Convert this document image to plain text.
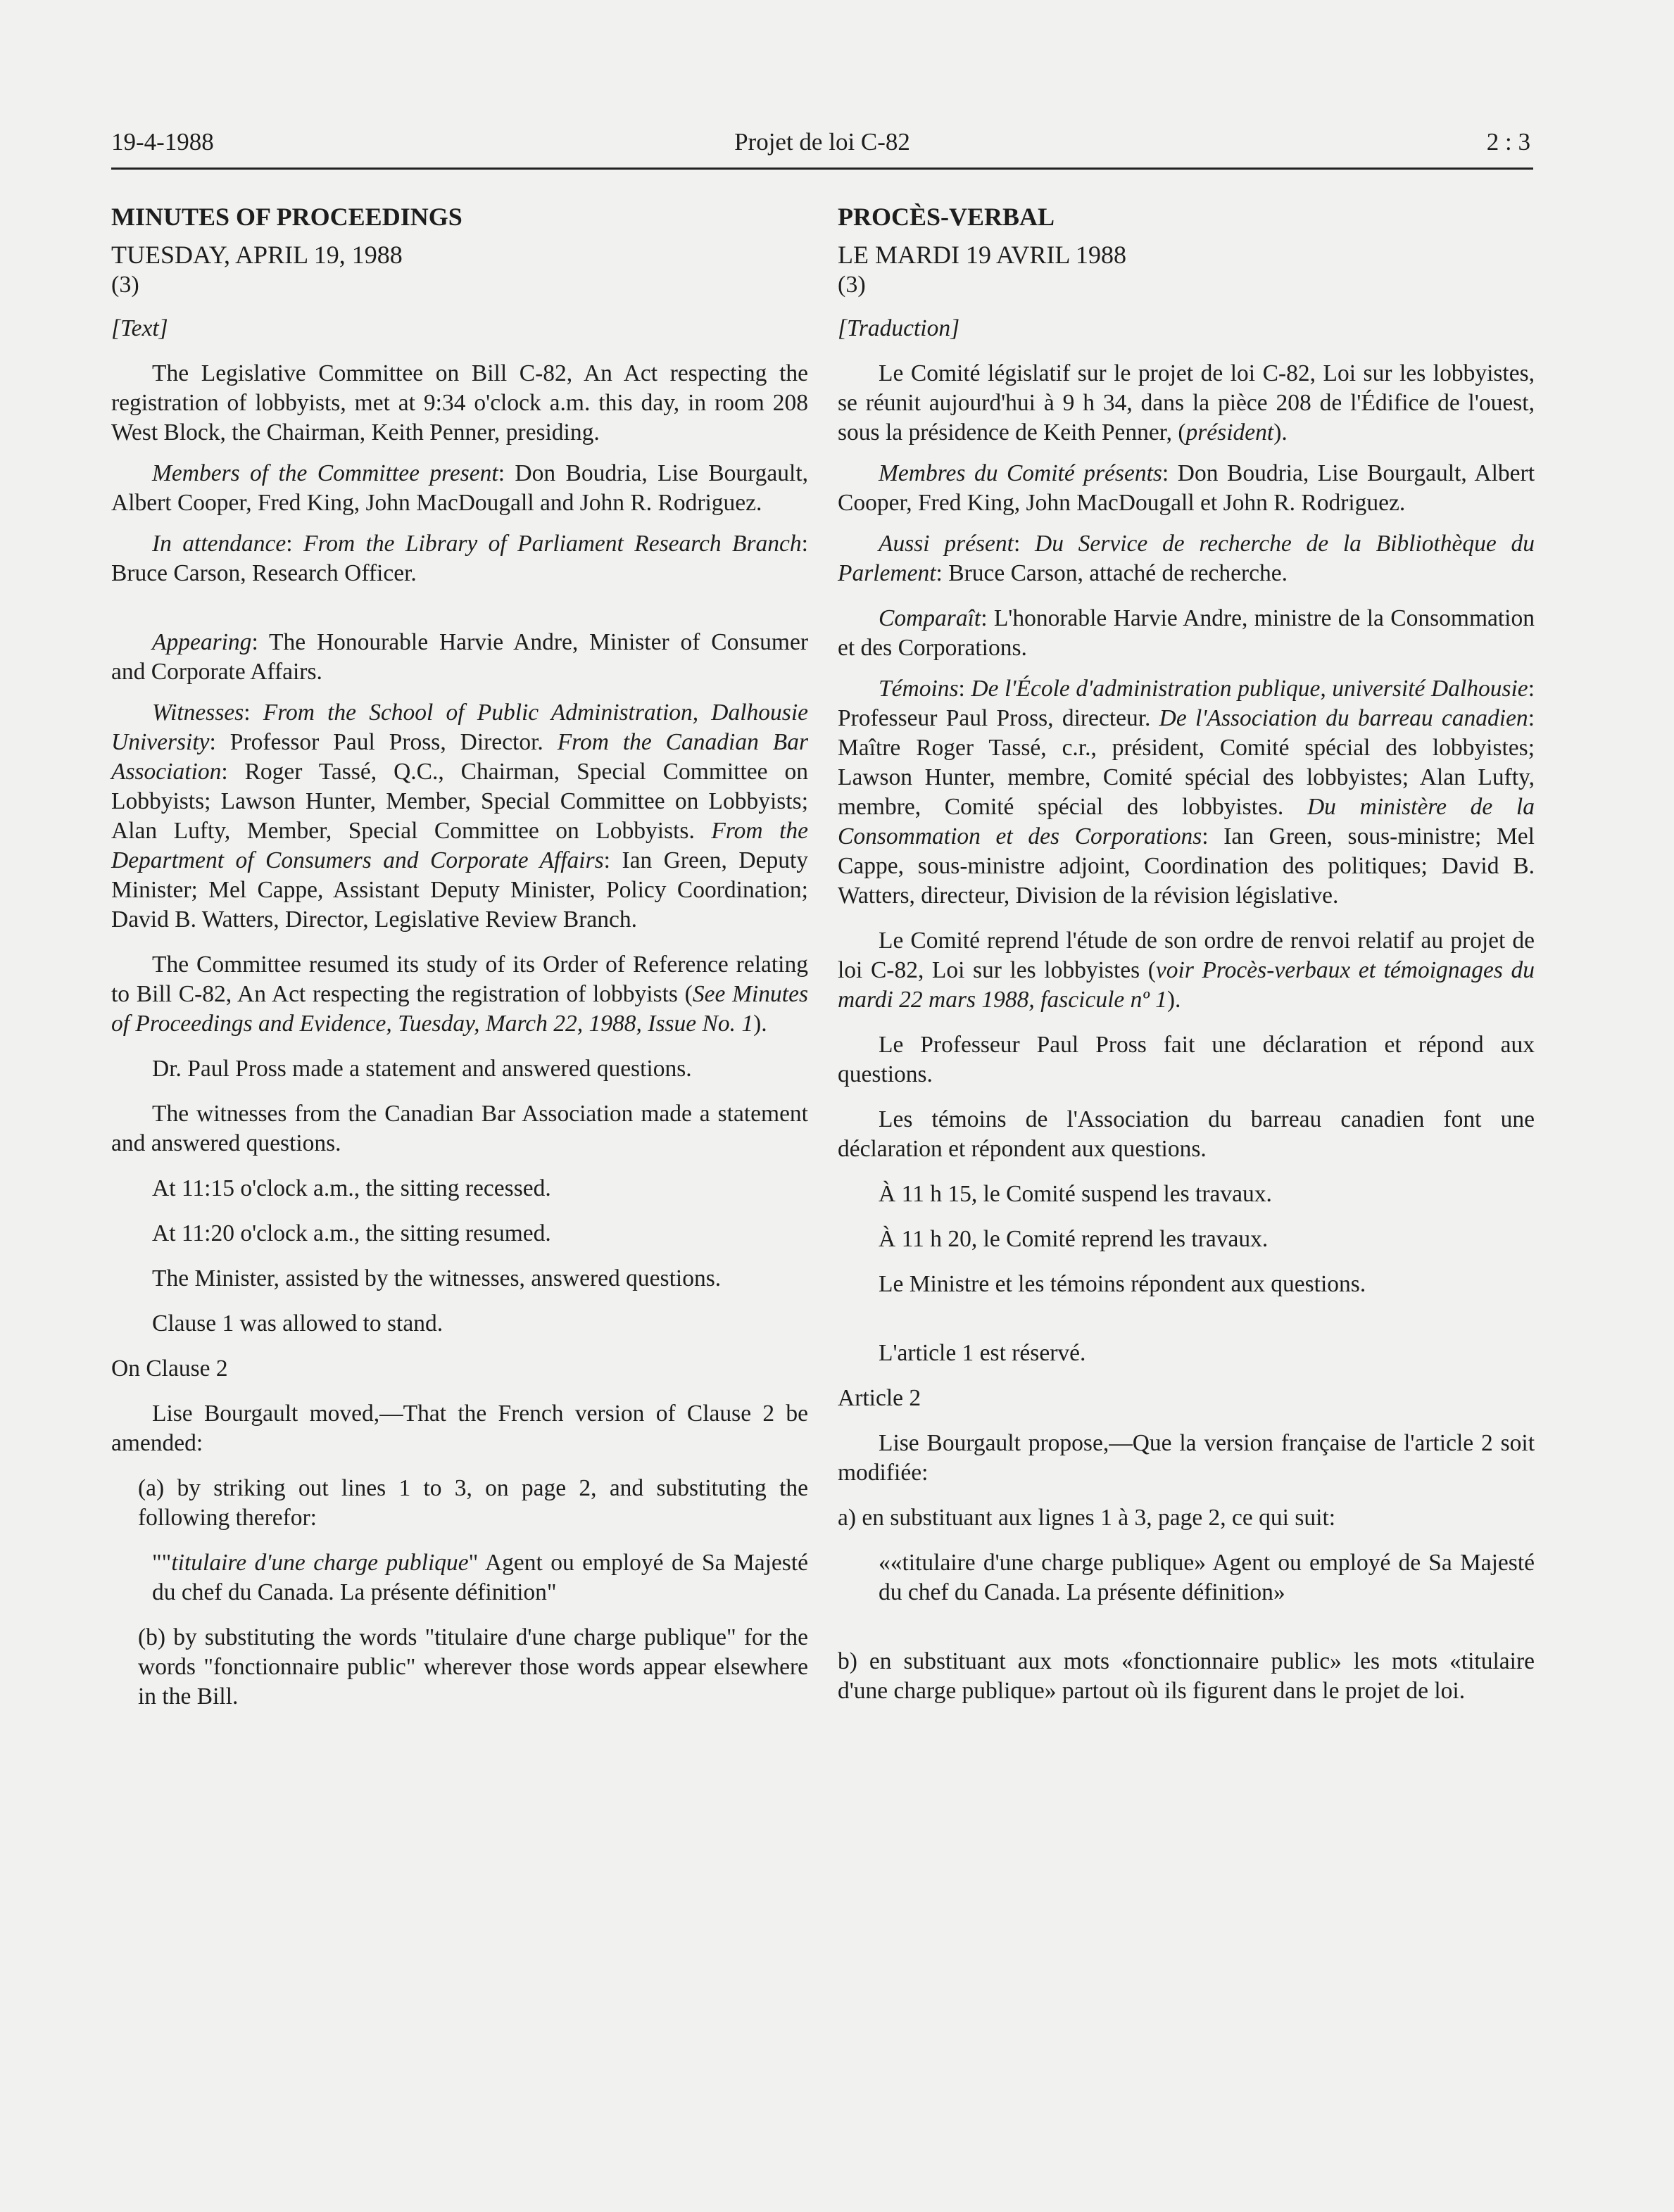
19-4-1988	Projet de loi C-82	2 : 3

MINUTES OF PROCEEDINGS

TUESDAY, APRIL 19, 1988

(3)

[Text]

The Legislative Committee on Bill C-82, An Act respecting the registration of lobbyists, met at 9:34 o'clock a.m. this day, in room 208 West Block, the Chairman, Keith Penner, presiding.

Members of the Committee present: Don Boudria, Lise Bourgault, Albert Cooper, Fred King, John MacDougall and John R. Rodriguez.

In attendance: From the Library of Parliament Research Branch: Bruce Carson, Research Officer.

Appearing: The Honourable Harvie Andre, Minister of Consumer and Corporate Affairs.

Witnesses: From the School of Public Administration, Dalhousie University: Professor Paul Pross, Director. From the Canadian Bar Association: Roger Tassé, Q.C., Chairman, Special Committee on Lobbyists; Lawson Hunter, Member, Special Committee on Lobbyists; Alan Lufty, Member, Special Committee on Lobbyists. From the Department of Consumers and Corporate Affairs: Ian Green, Deputy Minister; Mel Cappe, Assistant Deputy Minister, Policy Coordination; David B. Watters, Director, Legislative Review Branch.

The Committee resumed its study of its Order of Reference relating to Bill C-82, An Act respecting the registration of lobbyists (See Minutes of Proceedings and Evidence, Tuesday, March 22, 1988, Issue No. 1).

Dr. Paul Pross made a statement and answered questions.

The witnesses from the Canadian Bar Association made a statement and answered questions.

At 11:15 o'clock a.m., the sitting recessed.

At 11:20 o'clock a.m., the sitting resumed.

The Minister, assisted by the witnesses, answered questions.

Clause 1 was allowed to stand.

On Clause 2

Lise Bourgault moved,—That the French version of Clause 2 be amended:

(a) by striking out lines 1 to 3, on page 2, and substituting the following therefor:

""titulaire d'une charge publique" Agent ou employé de Sa Majesté du chef du Canada. La présente définition"

(b) by substituting the words "titulaire d'une charge publique" for the words "fonctionnaire public" wherever those words appear elsewhere in the Bill.

PROCÈS-VERBAL

LE MARDI 19 AVRIL 1988

(3)

[Traduction]

Le Comité législatif sur le projet de loi C-82, Loi sur les lobbyistes, se réunit aujourd'hui à 9 h 34, dans la pièce 208 de l'Édifice de l'ouest, sous la présidence de Keith Penner, (président).

Membres du Comité présents: Don Boudria, Lise Bourgault, Albert Cooper, Fred King, John MacDougall et John R. Rodriguez.

Aussi présent: Du Service de recherche de la Bibliothèque du Parlement: Bruce Carson, attaché de recherche.

Comparaît: L'honorable Harvie Andre, ministre de la Consommation et des Corporations.

Témoins: De l'École d'administration publique, université Dalhousie: Professeur Paul Pross, directeur. De l'Association du barreau canadien: Maître Roger Tassé, c.r., président, Comité spécial des lobbyistes; Lawson Hunter, membre, Comité spécial des lobbyistes; Alan Lufty, membre, Comité spécial des lobbyistes. Du ministère de la Consommation et des Corporations: Ian Green, sous-ministre; Mel Cappe, sous-ministre adjoint, Coordination des politiques; David B. Watters, directeur, Division de la révision législative.

Le Comité reprend l'étude de son ordre de renvoi relatif au projet de loi C-82, Loi sur les lobbyistes (voir Procès-verbaux et témoignages du mardi 22 mars 1988, fascicule nº 1).

Le Professeur Paul Pross fait une déclaration et répond aux questions.

Les témoins de l'Association du barreau canadien font une déclaration et répondent aux questions.

À 11 h 15, le Comité suspend les travaux.

À 11 h 20, le Comité reprend les travaux.

Le Ministre et les témoins répondent aux questions.

L'article 1 est réservé.

Article 2

Lise Bourgault propose,—Que la version française de l'article 2 soit modifiée:

a) en substituant aux lignes 1 à 3, page 2, ce qui suit:

««titulaire d'une charge publique» Agent ou employé de Sa Majesté du chef du Canada. La présente définition»

b) en substituant aux mots «fonctionnaire public» les mots «titulaire d'une charge publique» partout où ils figurent dans le projet de loi.
